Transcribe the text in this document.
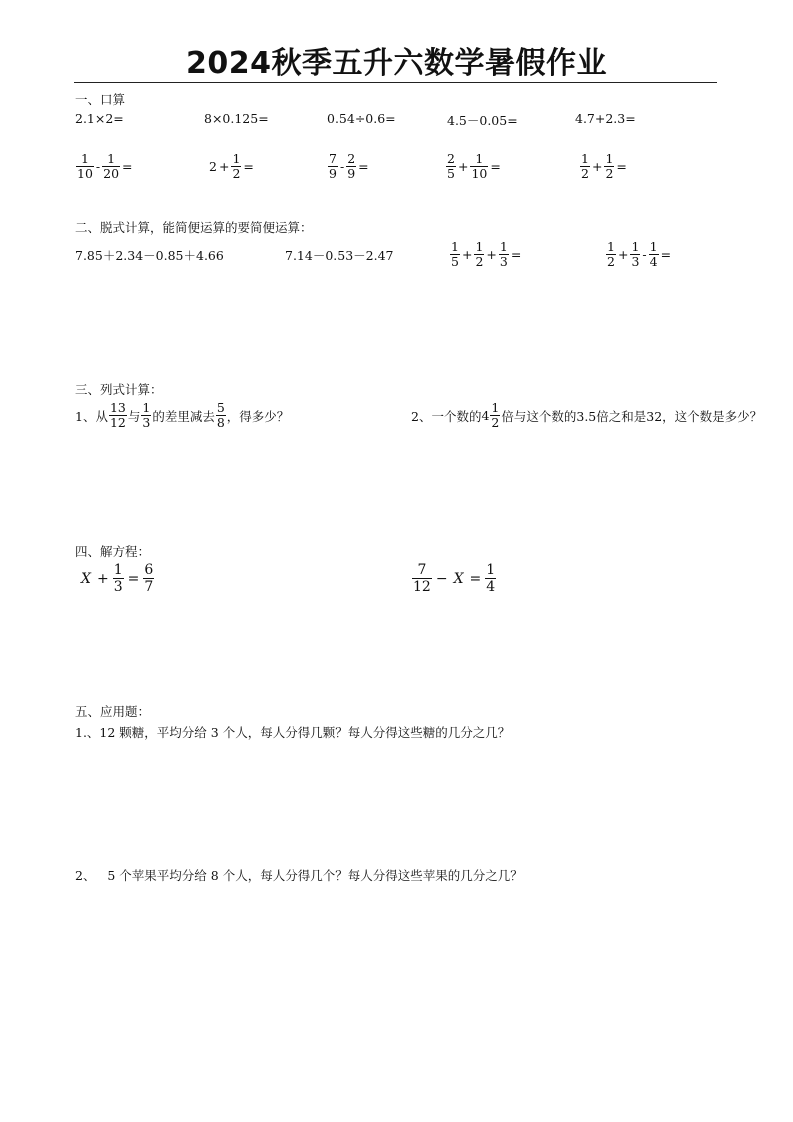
2024秋季五升六数学暑假作业
一、口算
2.1×2=	8×0.125=	0.54÷0.6=	4.5－0.05=	4.7+2.3=
$\frac{1}{10} - \frac{1}{20}$ =	$2 + \frac{1}{2}$ =	$\frac{7}{9} - \frac{2}{9}$ =	$\frac{2}{5} + \frac{1}{10}$ =	$\frac{1}{2} + \frac{1}{2}$ =
二、脱式计算，能简便运算的要简便运算：
7.85＋2.34－0.85＋4.66	7.14－0.53－2.47	$\frac{1}{5} + \frac{1}{2} + \frac{1}{3}$ =	$\frac{1}{2} + \frac{1}{3} - \frac{1}{4}$ =
三、列式计算：
1、从 $\frac{13}{12}$ 与 $\frac{1}{3}$ 的差里减去 $\frac{5}{8}$ ，得多少？	2、一个数的 $4 \frac{1}{2}$ 倍与这个数的3.5倍之和是32，这个数是多少？
四、解方程：
$X + \frac{1}{3} = \frac{6}{7}$	$\frac{7}{12} - X = \frac{1}{4}$
五、应用题：
1.、12 颗糖，平均分给 3 个人，每人分得几颗？每人分得这些糖的几分之几？
2、   5 个苹果平均分给 8 个人，每人分得几个？每人分得这些苹果的几分之几？
